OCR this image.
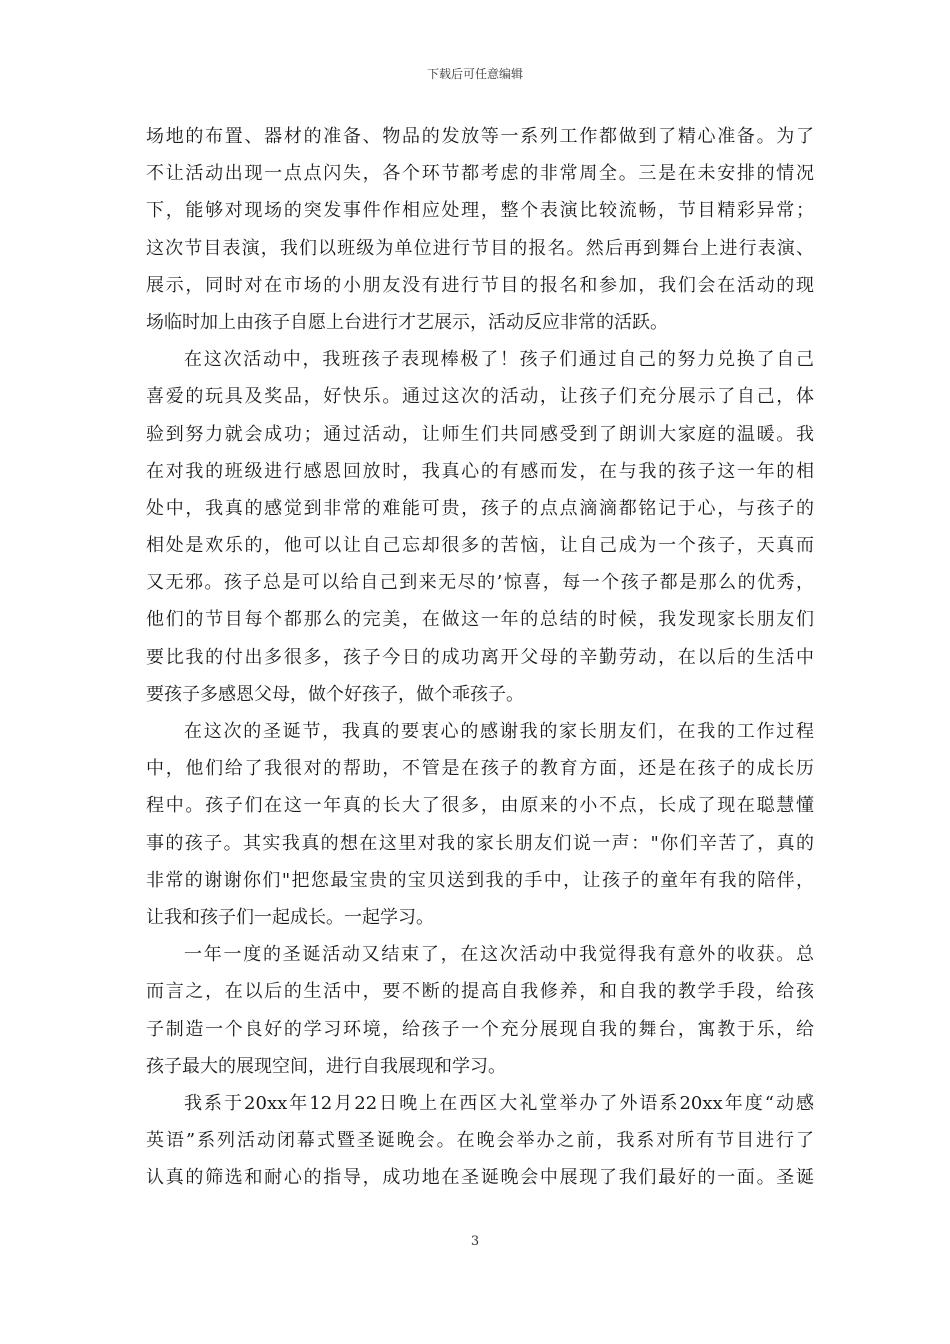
下载后可任意编辑
场地的布置、器材的准备、物品的发放等一系列工作都做到了精心准备。为了
不让活动出现一点点闪失，各个环节都考虑的非常周全。三是在未安排的情况
下，能够对现场的突发事件作相应处理，整个表演比较流畅，节目精彩异常；
这次节目表演，我们以班级为单位进行节目的报名。然后再到舞台上进行表演、
展示，同时对在市场的小朋友没有进行节目的报名和参加，我们会在活动的现
场临时加上由孩子自愿上台进行才艺展示，活动反应非常的活跃。
在这次活动中，我班孩子表现棒极了！孩子们通过自己的努力兑换了自己
喜爱的玩具及奖品，好快乐。通过这次的活动，让孩子们充分展示了自己，体
验到努力就会成功；通过活动，让师生们共同感受到了朗训大家庭的温暖。我
在对我的班级进行感恩回放时，我真心的有感而发，在与我的孩子这一年的相
处中，我真的感觉到非常的难能可贵，孩子的点点滴滴都铭记于心，与孩子的
相处是欢乐的，他可以让自己忘却很多的苦恼，让自己成为一个孩子，天真而
又无邪。孩子总是可以给自己到来无尽的’惊喜，每一个孩子都是那么的优秀，
他们的节目每个都那么的完美，在做这一年的总结的时候，我发现家长朋友们
要比我的付出多很多，孩子今日的成功离开父母的辛勤劳动，在以后的生活中
要孩子多感恩父母，做个好孩子，做个乖孩子。
在这次的圣诞节，我真的要衷心的感谢我的家长朋友们，在我的工作过程
中，他们给了我很对的帮助，不管是在孩子的教育方面，还是在孩子的成长历
程中。孩子们在这一年真的长大了很多，由原来的小不点，长成了现在聪慧懂
事的孩子。其实我真的想在这里对我的家长朋友们说一声："你们辛苦了，真的
非常的谢谢你们"把您最宝贵的宝贝送到我的手中，让孩子的童年有我的陪伴，
让我和孩子们一起成长。一起学习。
一年一度的圣诞活动又结束了，在这次活动中我觉得我有意外的收获。总
而言之，在以后的生活中，要不断的提高自我修养，和自我的教学手段，给孩
子制造一个良好的学习环境，给孩子一个充分展现自我的舞台，寓教于乐，给
孩子最大的展现空间，进行自我展现和学习。
我系于20xx年12月22日晚上在西区大礼堂举办了外语系20xx年度“动感
英语”系列活动闭幕式暨圣诞晚会。在晚会举办之前，我系对所有节目进行了
认真的筛选和耐心的指导，成功地在圣诞晚会中展现了我们最好的一面。圣诞
3
